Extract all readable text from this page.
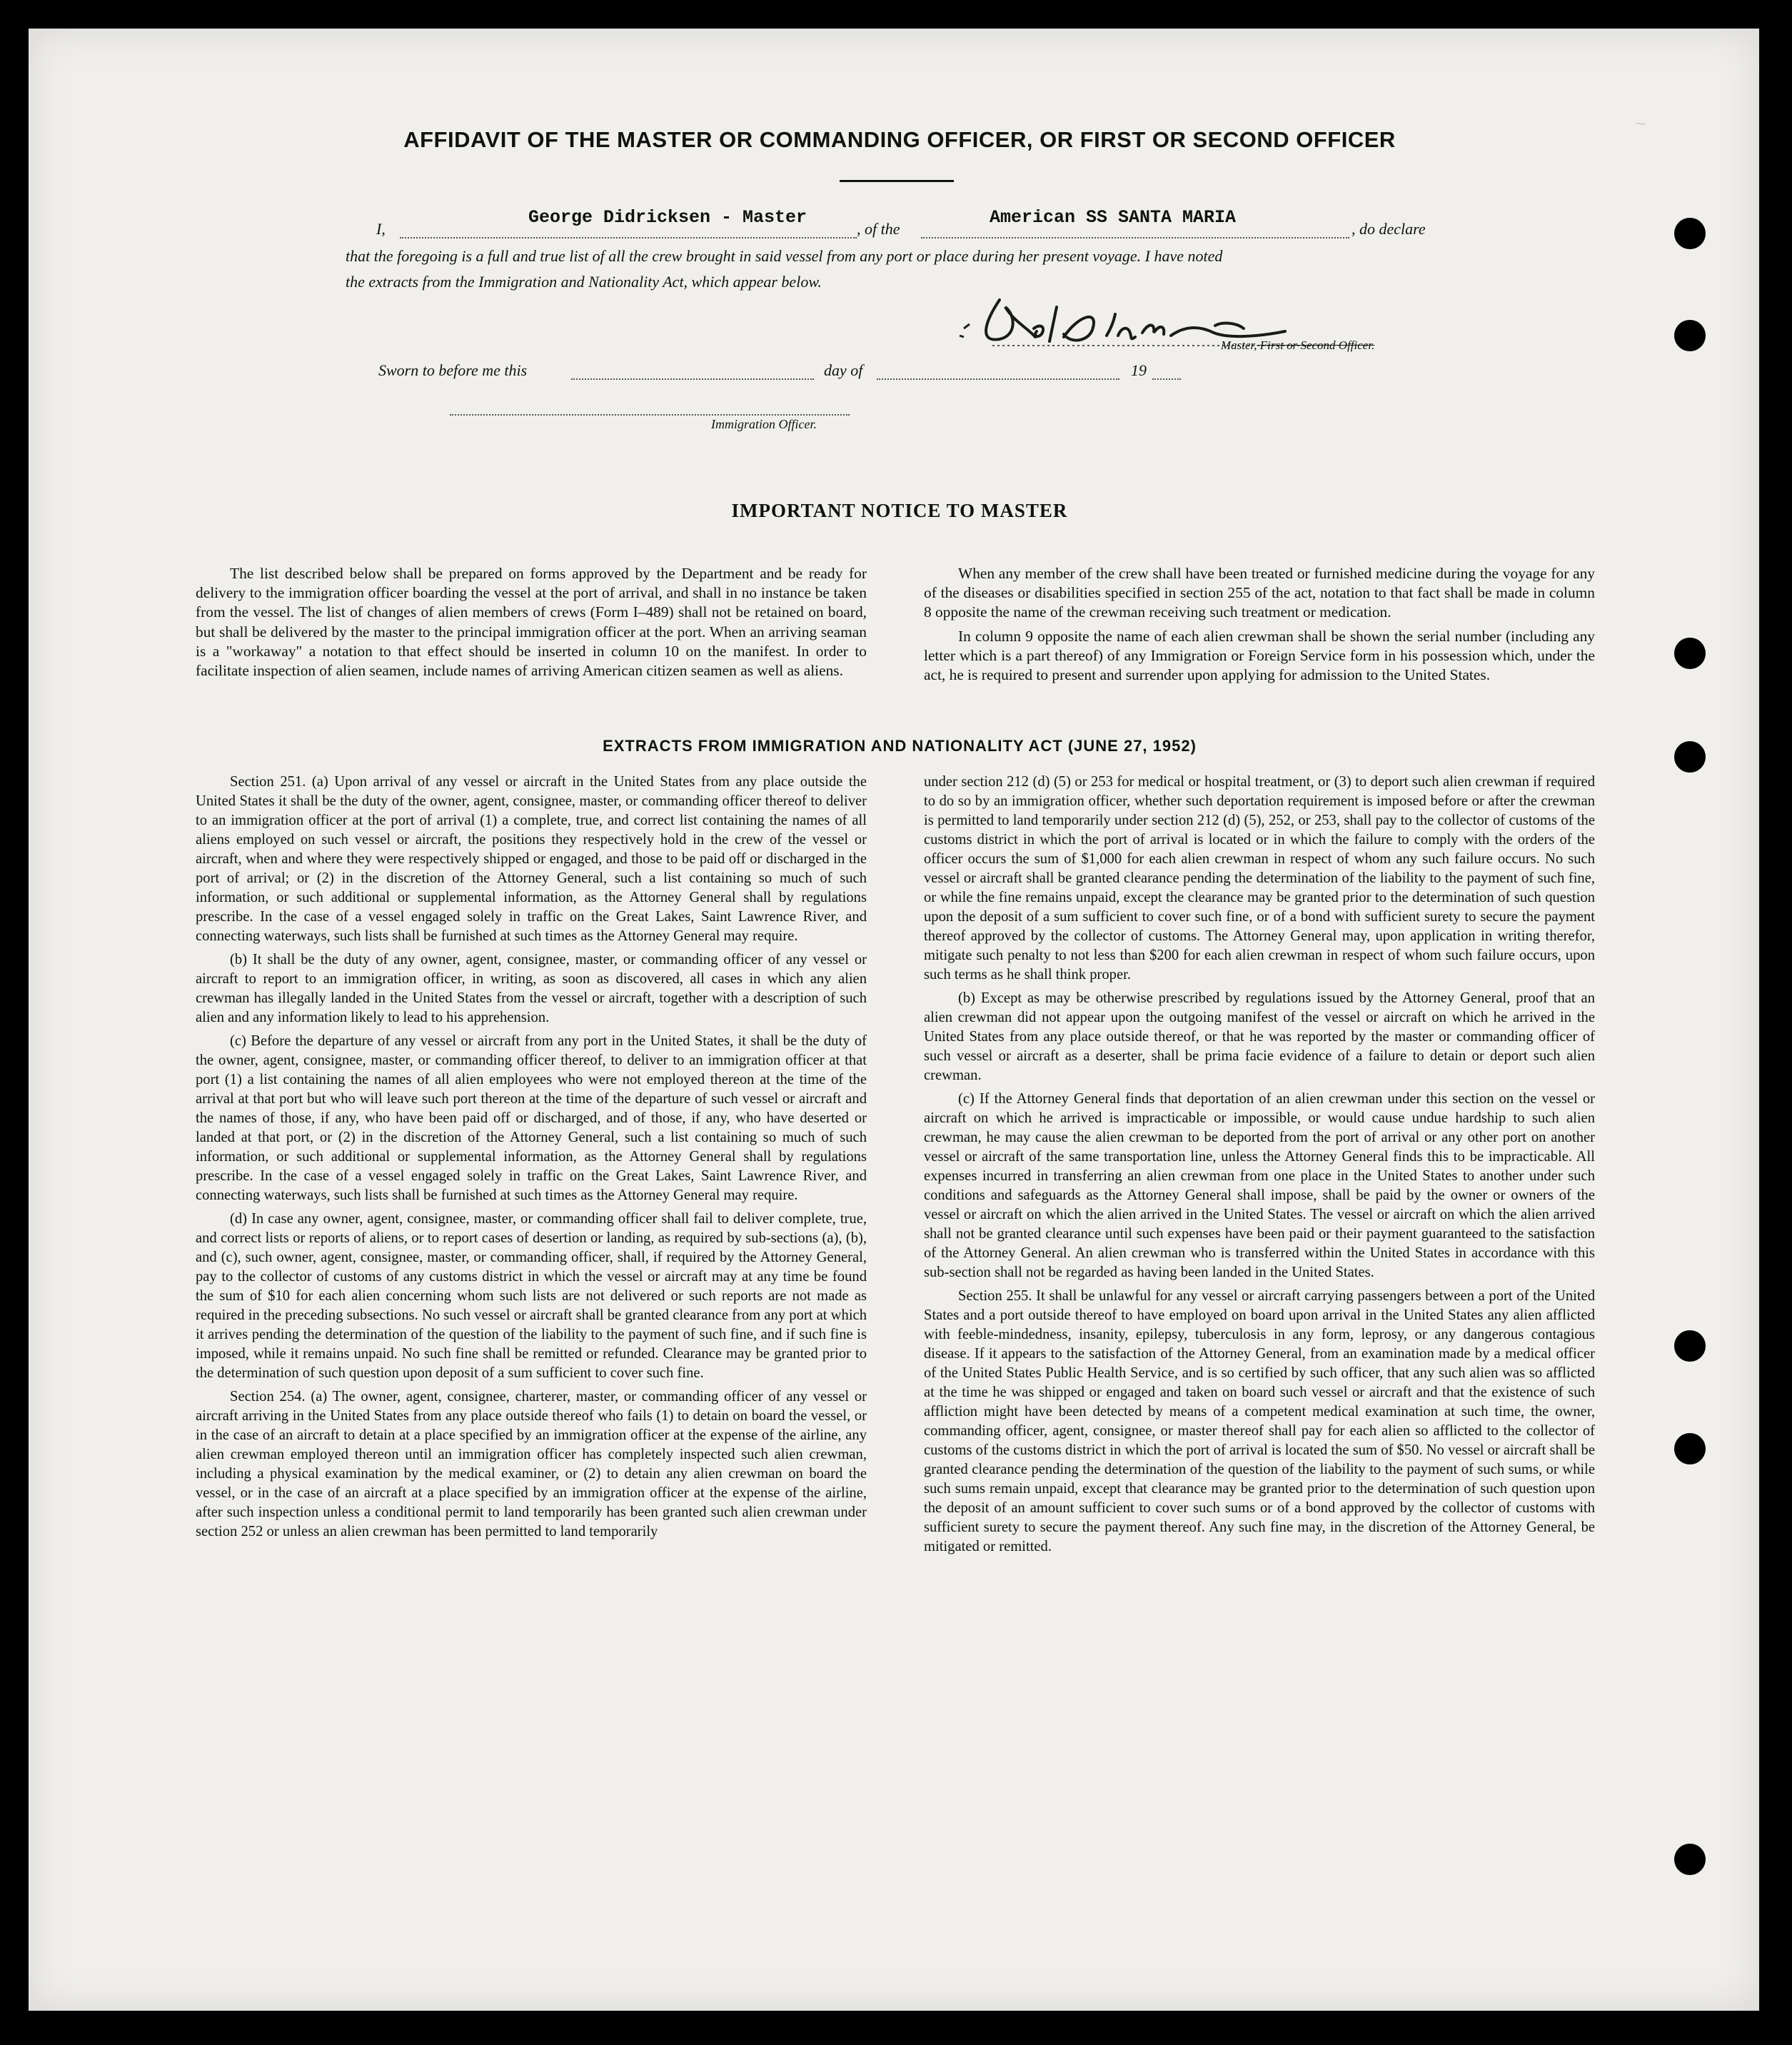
~
AFFIDAVIT OF THE MASTER OR COMMANDING OFFICER, OR FIRST OR SECOND OFFICER
I,
George Didricksen - Master
, of the
American SS SANTA MARIA
, do declare
that the foregoing is a full and true list of all the crew brought in said vessel from any port or place during her present voyage. I have noted
the extracts from the Immigration and Nationality Act, which appear below.
Master, First or Second Officer.
Sworn to before me this	day of	19
Immigration Officer.
IMPORTANT NOTICE TO MASTER

The list described below shall be prepared on forms approved by the Department and be ready for delivery to the immigration officer boarding the vessel at the port of arrival, and shall in no instance be taken from the vessel. The list of changes of alien members of crews (Form I–489) shall not be retained on board, but shall be delivered by the master to the principal immigration officer at the port. When an arriving seaman is a "workaway" a notation to that effect should be inserted in column 10 on the manifest. In order to facilitate inspection of alien seamen, include names of arriving American citizen seamen as well as aliens.

When any member of the crew shall have been treated or furnished medicine during the voyage for any of the diseases or disabilities specified in section 255 of the act, notation to that fact shall be made in column 8 opposite the name of the crewman receiving such treatment or medication.

In column 9 opposite the name of each alien crewman shall be shown the serial number (including any letter which is a part thereof) of any Immigration or Foreign Service form in his possession which, under the act, he is required to present and surrender upon applying for admission to the United States.

EXTRACTS FROM IMMIGRATION AND NATIONALITY ACT (JUNE 27, 1952)

Section 251. (a) Upon arrival of any vessel or aircraft in the United States from any place outside the United States it shall be the duty of the owner, agent, consignee, master, or commanding officer thereof to deliver to an immigration officer at the port of arrival (1) a complete, true, and correct list containing the names of all aliens employed on such vessel or aircraft, the positions they respectively hold in the crew of the vessel or aircraft, when and where they were respectively shipped or engaged, and those to be paid off or discharged in the port of arrival; or (2) in the discretion of the Attorney General, such a list containing so much of such information, or such additional or supplemental information, as the Attorney General shall by regulations prescribe. In the case of a vessel engaged solely in traffic on the Great Lakes, Saint Lawrence River, and connecting waterways, such lists shall be furnished at such times as the Attorney General may require.

(b) It shall be the duty of any owner, agent, consignee, master, or commanding officer of any vessel or aircraft to report to an immigration officer, in writing, as soon as discovered, all cases in which any alien crewman has illegally landed in the United States from the vessel or aircraft, together with a description of such alien and any information likely to lead to his apprehension.

(c) Before the departure of any vessel or aircraft from any port in the United States, it shall be the duty of the owner, agent, consignee, master, or commanding officer thereof, to deliver to an immigration officer at that port (1) a list containing the names of all alien employees who were not employed thereon at the time of the arrival at that port but who will leave such port thereon at the time of the departure of such vessel or aircraft and the names of those, if any, who have been paid off or discharged, and of those, if any, who have deserted or landed at that port, or (2) in the discretion of the Attorney General, such a list containing so much of such information, or such additional or supplemental information, as the Attorney General shall by regulations prescribe. In the case of a vessel engaged solely in traffic on the Great Lakes, Saint Lawrence River, and connecting waterways, such lists shall be furnished at such times as the Attorney General may require.

(d) In case any owner, agent, consignee, master, or commanding officer shall fail to deliver complete, true, and correct lists or reports of aliens, or to report cases of desertion or landing, as required by sub-sections (a), (b), and (c), such owner, agent, consignee, master, or commanding officer, shall, if required by the Attorney General, pay to the collector of customs of any customs district in which the vessel or aircraft may at any time be found the sum of $10 for each alien concerning whom such lists are not delivered or such reports are not made as required in the preceding subsections. No such vessel or aircraft shall be granted clearance from any port at which it arrives pending the determination of the question of the liability to the payment of such fine, and if such fine is imposed, while it remains unpaid. No such fine shall be remitted or refunded. Clearance may be granted prior to the determination of such question upon deposit of a sum sufficient to cover such fine.

Section 254. (a) The owner, agent, consignee, charterer, master, or commanding officer of any vessel or aircraft arriving in the United States from any place outside thereof who fails (1) to detain on board the vessel, or in the case of an aircraft to detain at a place specified by an immigration officer at the expense of the airline, any alien crewman employed thereon until an immigration officer has completely inspected such alien crewman, including a physical examination by the medical examiner, or (2) to detain any alien crewman on board the vessel, or in the case of an aircraft at a place specified by an immigration officer at the expense of the airline, after such inspection unless a conditional permit to land temporarily has been granted such alien crewman under section 252 or unless an alien crewman has been permitted to land temporarily

under section 212 (d) (5) or 253 for medical or hospital treatment, or (3) to deport such alien crewman if required to do so by an immigration officer, whether such deportation requirement is imposed before or after the crewman is permitted to land temporarily under section 212 (d) (5), 252, or 253, shall pay to the collector of customs of the customs district in which the port of arrival is located or in which the failure to comply with the orders of the officer occurs the sum of $1,000 for each alien crewman in respect of whom any such failure occurs. No such vessel or aircraft shall be granted clearance pending the determination of the liability to the payment of such fine, or while the fine remains unpaid, except the clearance may be granted prior to the determination of such question upon the deposit of a sum sufficient to cover such fine, or of a bond with sufficient surety to secure the payment thereof approved by the collector of customs. The Attorney General may, upon application in writing therefor, mitigate such penalty to not less than $200 for each alien crewman in respect of whom such failure occurs, upon such terms as he shall think proper.

(b) Except as may be otherwise prescribed by regulations issued by the Attorney General, proof that an alien crewman did not appear upon the outgoing manifest of the vessel or aircraft on which he arrived in the United States from any place outside thereof, or that he was reported by the master or commanding officer of such vessel or aircraft as a deserter, shall be prima facie evidence of a failure to detain or deport such alien crewman.

(c) If the Attorney General finds that deportation of an alien crewman under this section on the vessel or aircraft on which he arrived is impracticable or impossible, or would cause undue hardship to such alien crewman, he may cause the alien crewman to be deported from the port of arrival or any other port on another vessel or aircraft of the same transportation line, unless the Attorney General finds this to be impracticable. All expenses incurred in transferring an alien crewman from one place in the United States to another under such conditions and safeguards as the Attorney General shall impose, shall be paid by the owner or owners of the vessel or aircraft on which the alien arrived in the United States. The vessel or aircraft on which the alien arrived shall not be granted clearance until such expenses have been paid or their payment guaranteed to the satisfaction of the Attorney General. An alien crewman who is transferred within the United States in accordance with this sub-section shall not be regarded as having been landed in the United States.

Section 255. It shall be unlawful for any vessel or aircraft carrying passengers between a port of the United States and a port outside thereof to have employed on board upon arrival in the United States any alien afflicted with feeble-mindedness, insanity, epilepsy, tuberculosis in any form, leprosy, or any dangerous contagious disease. If it appears to the satisfaction of the Attorney General, from an examination made by a medical officer of the United States Public Health Service, and is so certified by such officer, that any such alien was so afflicted at the time he was shipped or engaged and taken on board such vessel or aircraft and that the existence of such affliction might have been detected by means of a competent medical examination at such time, the owner, commanding officer, agent, consignee, or master thereof shall pay for each alien so afflicted to the collector of customs of the customs district in which the port of arrival is located the sum of $50. No vessel or aircraft shall be granted clearance pending the determination of the question of the liability to the payment of such sums, or while such sums remain unpaid, except that clearance may be granted prior to the determination of such question upon the deposit of an amount sufficient to cover such sums or of a bond approved by the collector of customs with sufficient surety to secure the payment thereof. Any such fine may, in the discretion of the Attorney General, be mitigated or remitted.
